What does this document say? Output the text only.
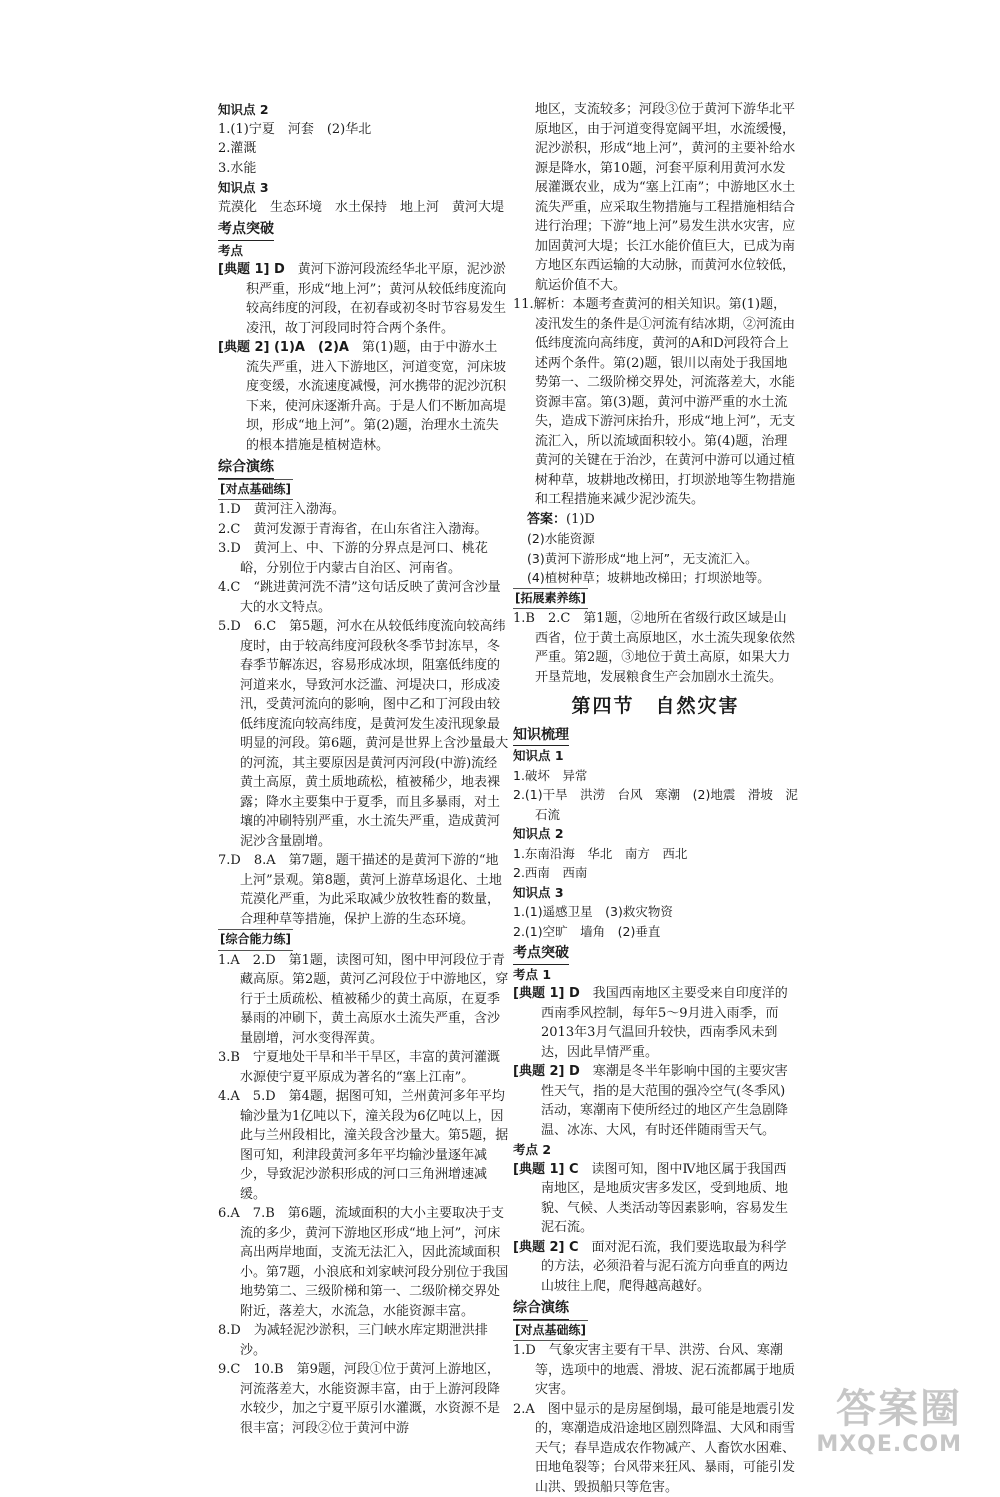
知识点 2

1.(1)宁夏　河套　(2)华北

2.灌溉

3.水能

知识点 3

荒漠化　生态环境　水土保持　地上河　黄河大堤

考点突破

考点

[典题 1] D　黄河下游河段流经华北平原，泥沙淤积严重，形成“地上河”；黄河从较低纬度流向较高纬度的河段，在初春或初冬时节容易发生凌汛，故丁河段同时符合两个条件。

[典题 2] (1)A　(2)A　第(1)题，由于中游水土流失严重，进入下游地区，河道变宽，河床坡度变缓，水流速度减慢，河水携带的泥沙沉积下来，使河床逐渐升高。于是人们不断加高堤坝，形成“地上河”。第(2)题，治理水土流失的根本措施是植树造林。

综合演练
[对点基础练]

1.D　黄河注入渤海。

2.C　黄河发源于青海省，在山东省注入渤海。

3.D　黄河上、中、下游的分界点是河口、桃花峪，分别位于内蒙古自治区、河南省。

4.C　“跳进黄河洗不清”这句话反映了黄河含沙量大的水文特点。

5.D　6.C　第5题，河水在从较低纬度流向较高纬度时，由于较高纬度河段秋冬季节封冻早，冬春季节解冻迟，容易形成冰坝，阻塞低纬度的河道来水，导致河水泛滥、河堤决口，形成凌汛，受黄河流向的影响，图中乙和丁河段由较低纬度流向较高纬度，是黄河发生凌汛现象最明显的河段。第6题，黄河是世界上含沙量最大的河流，其主要原因是黄河丙河段(中游)流经黄土高原，黄土质地疏松，植被稀少，地表裸露；降水主要集中于夏季，而且多暴雨，对土壤的冲刷特别严重，水土流失严重，造成黄河泥沙含量剧增。

7.D　8.A　第7题，题干描述的是黄河下游的“地上河”景观。第8题，黄河上游草场退化、土地荒漠化严重，为此采取减少放牧牲畜的数量，合理种草等措施，保护上游的生态环境。

[综合能力练]

1.A　2.D　第1题，读图可知，图中甲河段位于青藏高原。第2题，黄河乙河段位于中游地区，穿行于土质疏松、植被稀少的黄土高原，在夏季暴雨的冲刷下，黄土高原水土流失严重，含沙量剧增，河水变得浑黄。

3.B　宁夏地处干旱和半干旱区，丰富的黄河灌溉水源使宁夏平原成为著名的“塞上江南”。

4.A　5.D　第4题，据图可知，兰州黄河多年平均输沙量为1亿吨以下，潼关段为6亿吨以上，因此与兰州段相比，潼关段含沙量大。第5题，据图可知，利津段黄河多年平均输沙量逐年减少，导致泥沙淤积形成的河口三角洲增速减缓。

6.A　7.B　第6题，流域面积的大小主要取决于支流的多少，黄河下游地区形成“地上河”，河床高出两岸地面，支流无法汇入，因此流域面积小。第7题，小浪底和刘家峡河段分别位于我国地势第二、三级阶梯和第一、二级阶梯交界处附近，落差大，水流急，水能资源丰富。

8.D　为减轻泥沙淤积，三门峡水库定期泄洪排沙。

9.C　10.B　第9题，河段①位于黄河上游地区，河流落差大，水能资源丰富，由于上游河段降水较少，加之宁夏平原引水灌溉，水资源不是很丰富；河段②位于黄河中游

地区，支流较多；河段③位于黄河下游华北平原地区，由于河道变得宽阔平坦，水流缓慢，泥沙淤积，形成“地上河”，黄河的主要补给水源是降水，第10题，河套平原利用黄河水发展灌溉农业，成为“塞上江南”；中游地区水土流失严重，应采取生物措施与工程措施相结合进行治理；下游“地上河”易发生洪水灾害，应加固黄河大堤；长江水能价值巨大，已成为南方地区东西运输的大动脉，而黄河水位较低，航运价值不大。

11.解析：本题考查黄河的相关知识。第(1)题，凌汛发生的条件是①河流有结冰期，②河流由低纬度流向高纬度，黄河的A和D河段符合上述两个条件。第(2)题，银川以南处于我国地势第一、二级阶梯交界处，河流落差大，水能资源丰富。第(3)题，黄河中游严重的水土流失，造成下游河床抬升，形成“地上河”，无支流汇入，所以流域面积较小。第(4)题，治理黄河的关键在于治沙，在黄河中游可以通过植树种草，坡耕地改梯田，打坝淤地等生物措施和工程措施来减少泥沙流失。

答案：(1)D

(2)水能资源

(3)黄河下游形成“地上河”，无支流汇入。

(4)植树种草；坡耕地改梯田；打坝淤地等。

[拓展素养练]

1.B　2.C　第1题，②地所在省级行政区域是山西省，位于黄土高原地区，水土流失现象依然严重。第2题，③地位于黄土高原，如果大力开垦荒地，发展粮食生产会加剧水土流失。

第四节　自然灾害
知识梳理

知识点 1

1.破坏　异常

2.(1)干旱　洪涝　台风　寒潮　(2)地震　滑坡　泥石流

知识点 2

1.东南沿海　华北　南方　西北

2.西南　西南

知识点 3

1.(1)遥感卫星　(3)救灾物资

2.(1)空旷　墙角　(2)垂直

考点突破

考点 1

[典题 1] D　我国西南地区主要受来自印度洋的西南季风控制，每年5～9月进入雨季，而2013年3月气温回升较快，西南季风未到达，因此旱情严重。

[典题 2] D　寒潮是冬半年影响中国的主要灾害性天气，指的是大范围的强冷空气(冬季风)活动，寒潮南下使所经过的地区产生急剧降温、冰冻、大风，有时还伴随雨雪天气。

考点 2

[典题 1] C　读图可知，图中Ⅳ地区属于我国西南地区，是地质灾害多发区，受到地质、地貌、气候、人类活动等因素影响，容易发生泥石流。

[典题 2] C　面对泥石流，我们要选取最为科学的方法，必须沿着与泥石流方向垂直的两边山坡往上爬，爬得越高越好。

综合演练
[对点基础练]

1.D　气象灾害主要有干旱、洪涝、台风、寒潮等，选项中的地震、滑坡、泥石流都属于地质灾害。

2.A　图中显示的是房屋倒塌，最可能是地震引发的，寒潮造成沿途地区剧烈降温、大风和雨雪天气；春旱造成农作物减产、人畜饮水困难、田地龟裂等；台风带来狂风、暴雨，可能引发山洪、毁损船只等危害。

答案圈
MXQE.COM
